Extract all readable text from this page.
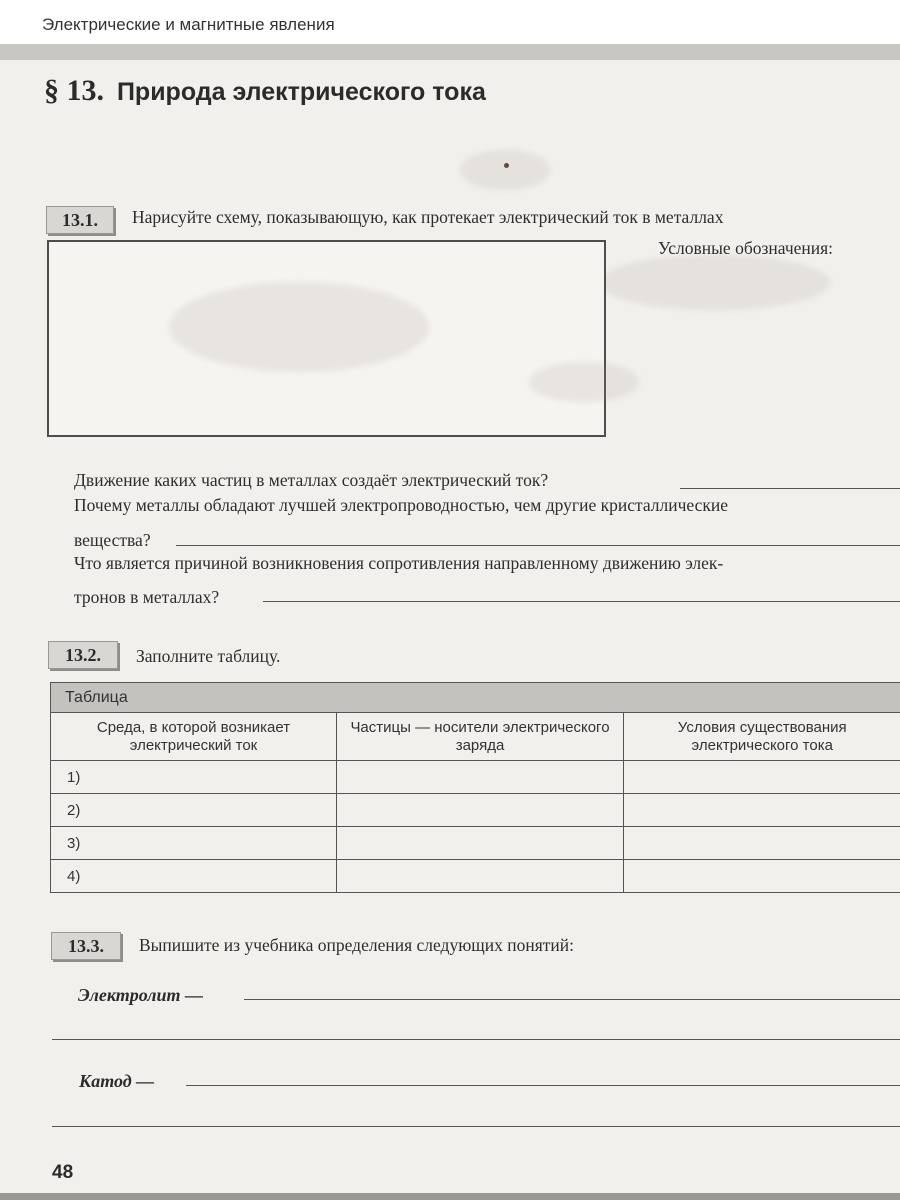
Электрические и магнитные явления
§ 13. Природа электрического тока
13.1.	Нарисуйте схему, показывающую, как протекает электрический ток в металлах
Условные обозначения:
Движение каких частиц в металлах создаёт электрический ток?
Почему металлы обладают лучшей электропроводностью, чем другие кристаллические
вещества?
Что является причиной возникновения сопротивления направленному движению элек-
тронов в металлах?
13.2.	Заполните таблицу.
Таблица
Среда, в которой возникает электрический ток	Частицы — носители электрического заряда	Условия существования электрического тока
1)		
2)		
3)		
4)		
13.3.	Выпишите из учебника определения следующих понятий:
Электролит —
Катод —
48
